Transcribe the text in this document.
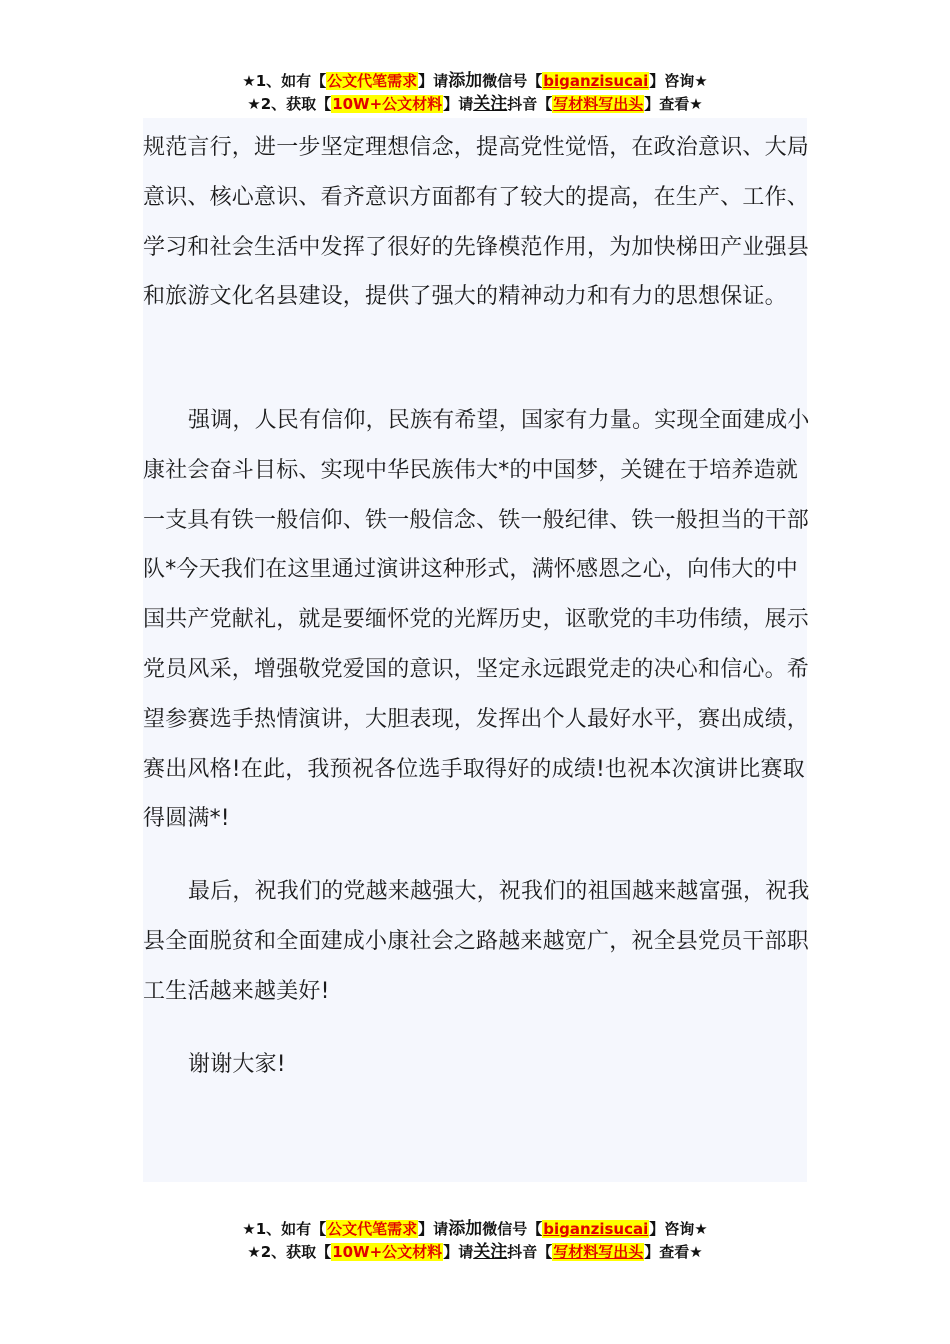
★1、如有【公文代笔需求】请添加微信号【biganzisucai】咨询★
★2、获取【10W+公文材料】请关注抖音【写材料写出头】查看★

规范言行，进一步坚定理想信念，提高党性觉悟，在政治意识、大局意识、核心意识、看齐意识方面都有了较大的提高，在生产、工作、学习和社会生活中发挥了很好的先锋模范作用，为加快梯田产业强县和旅游文化名县建设，提供了强大的精神动力和有力的思想保证。

强调，人民有信仰，民族有希望，国家有力量。实现全面建成小康社会奋斗目标、实现中华民族伟大*的中国梦，关键在于培养造就一支具有铁一般信仰、铁一般信念、铁一般纪律、铁一般担当的干部队*今天我们在这里通过演讲这种形式，满怀感恩之心，向伟大的中国共产党献礼，就是要缅怀党的光辉历史，讴歌党的丰功伟绩，展示党员风采，增强敬党爱国的意识，坚定永远跟党走的决心和信心。希望参赛选手热情演讲，大胆表现，发挥出个人最好水平，赛出成绩，赛出风格!在此，我预祝各位选手取得好的成绩!也祝本次演讲比赛取得圆满*!

最后，祝我们的党越来越强大，祝我们的祖国越来越富强，祝我县全面脱贫和全面建成小康社会之路越来越宽广，祝全县党员干部职工生活越来越美好!

谢谢大家!

★1、如有【公文代笔需求】请添加微信号【biganzisucai】咨询★
★2、获取【10W+公文材料】请关注抖音【写材料写出头】查看★
